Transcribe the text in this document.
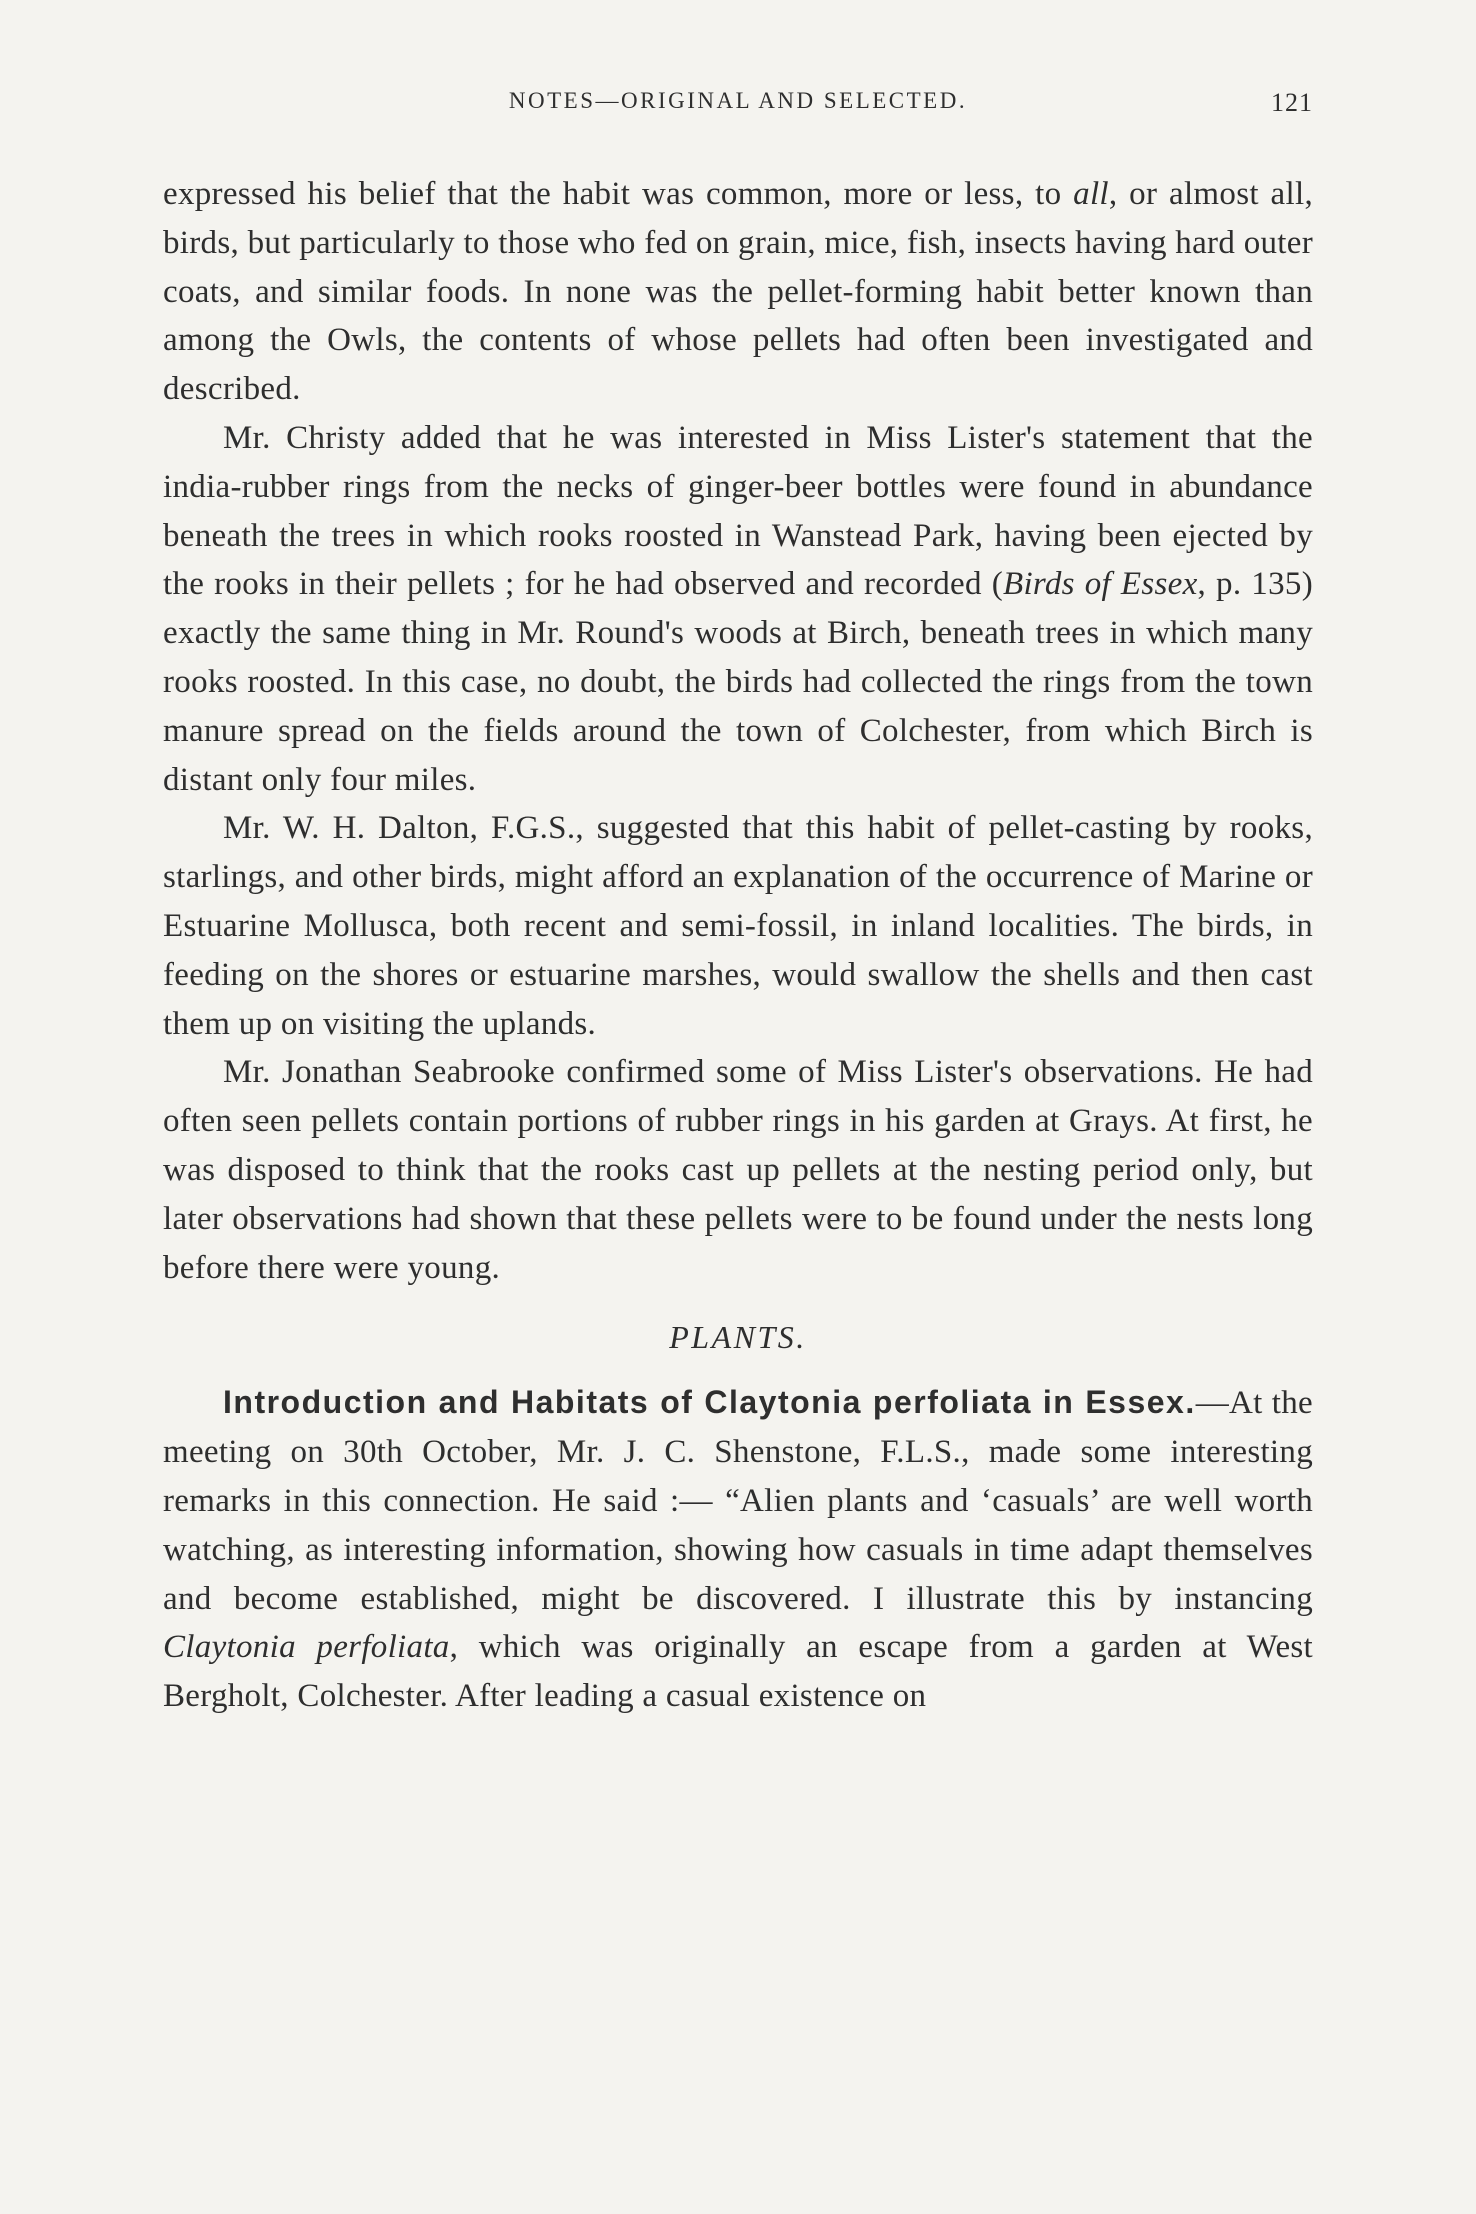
NOTES—ORIGINAL AND SELECTED.	121

expressed his belief that the habit was common, more or less, to all, or almost all, birds, but particularly to those who fed on grain, mice, fish, insects having hard outer coats, and similar foods. In none was the pellet-forming habit better known than among the Owls, the contents of whose pellets had often been investigated and described.

Mr. Christy added that he was interested in Miss Lister's statement that the india-rubber rings from the necks of ginger-beer bottles were found in abundance beneath the trees in which rooks roosted in Wanstead Park, having been ejected by the rooks in their pellets ; for he had observed and recorded (Birds of Essex, p. 135) exactly the same thing in Mr. Round's woods at Birch, beneath trees in which many rooks roosted. In this case, no doubt, the birds had collected the rings from the town manure spread on the fields around the town of Colchester, from which Birch is distant only four miles.

Mr. W. H. Dalton, F.G.S., suggested that this habit of pellet-casting by rooks, starlings, and other birds, might afford an explanation of the occurrence of Marine or Estuarine Mollusca, both recent and semi-fossil, in inland localities. The birds, in feeding on the shores or estuarine marshes, would swallow the shells and then cast them up on visiting the uplands.

Mr. Jonathan Seabrooke confirmed some of Miss Lister's observations. He had often seen pellets contain portions of rubber rings in his garden at Grays. At first, he was disposed to think that the rooks cast up pellets at the nesting period only, but later observations had shown that these pellets were to be found under the nests long before there were young.

PLANTS.

Introduction and Habitats of Claytonia perfoliata in Essex.—At the meeting on 30th October, Mr. J. C. Shenstone, F.L.S., made some interesting remarks in this connection. He said :— “Alien plants and ‘casuals’ are well worth watching, as interesting information, showing how casuals in time adapt themselves and become established, might be discovered. I illustrate this by instancing Claytonia perfoliata, which was originally an escape from a garden at West Bergholt, Colchester. After leading a casual existence on
